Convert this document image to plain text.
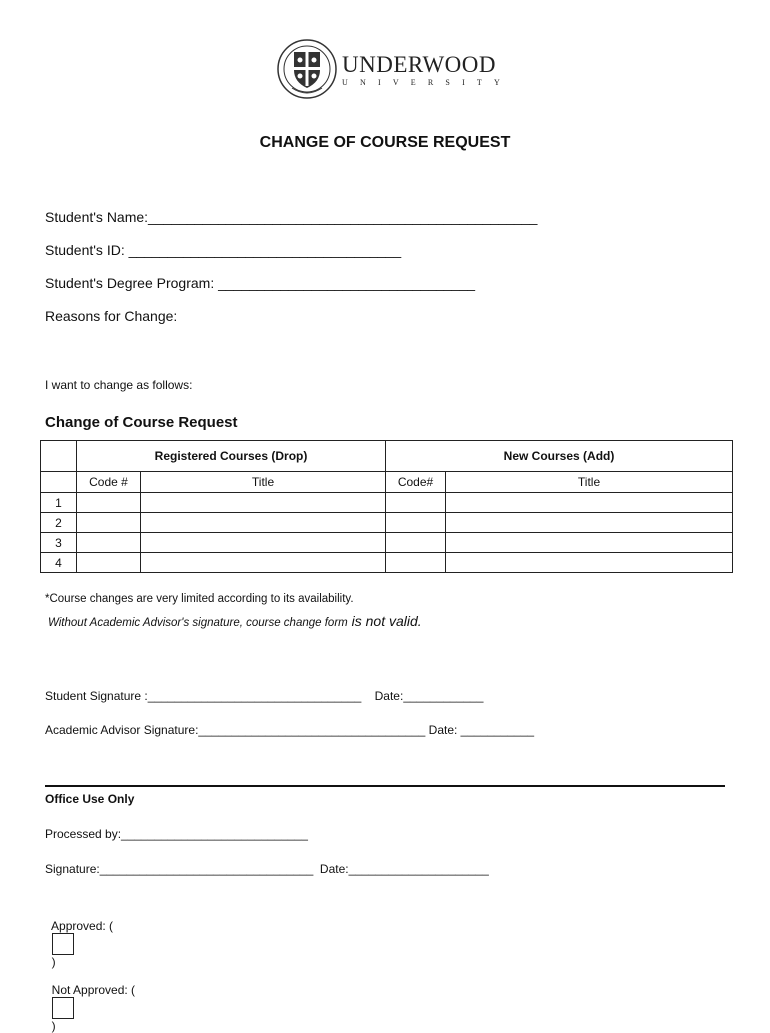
UNDERWOOD
UNIVERSITY
CHANGE OF COURSE REQUEST
Student's Name:__________________________________________________
Student's ID: ___________________________________
Student's Degree Program: _________________________________
Reasons for Change:
I want to change as follows:
Change of Course Request
	Registered Courses (Drop)		New Courses (Add)	
	Code #	Title	Code#	Title
1				
2				
3				
4				
*Course changes are very limited according to its availability.
Without Academic Advisor's signature, course change form is not valid.
Student Signature :________________________________    Date:____________
Academic Advisor Signature:__________________________________ Date: ___________
Office Use Only
Processed by:____________________________
Signature:________________________________  Date:_____________________

Approved: (

)

Not Approved: (

)
